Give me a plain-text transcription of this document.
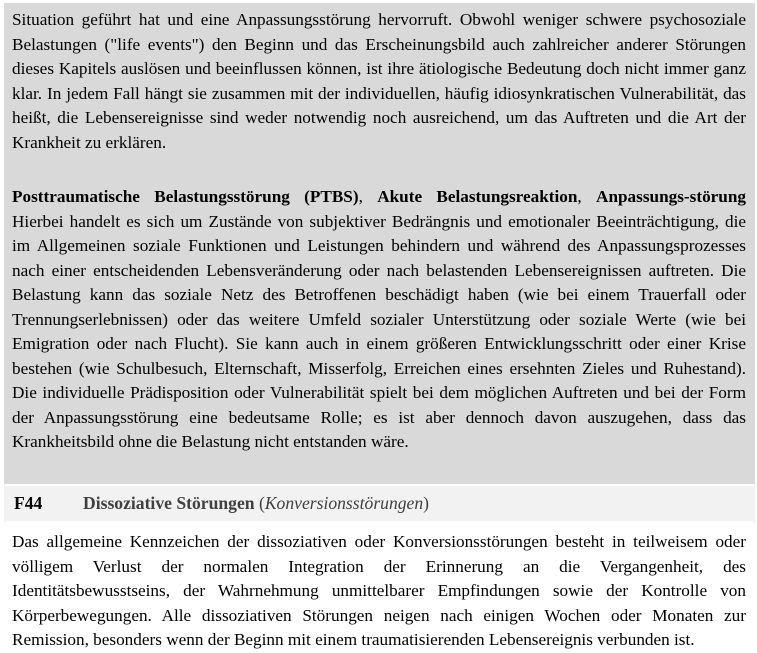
Situation geführt hat und eine Anpassungsstörung hervorruft. Obwohl weniger schwere psychosoziale Belastungen ("life events") den Beginn und das Erscheinungsbild auch zahlreicher anderer Störungen dieses Kapitels auslösen und beeinflussen können, ist ihre ätiologische Bedeutung doch nicht immer ganz klar. In jedem Fall hängt sie zusammen mit der individuellen, häufig idiosynkratischen Vulnerabilität, das heißt, die Lebensereignisse sind weder notwendig noch ausreichend, um das Auftreten und die Art der Krankheit zu erklären.

Posttraumatische Belastungsstörung (PTBS), Akute Belastungsreaktion, Anpassungs-störung Hierbei handelt es sich um Zustände von subjektiver Bedrängnis und emotionaler Beeinträchtigung, die im Allgemeinen soziale Funktionen und Leistungen behindern und während des Anpassungsprozesses nach einer entscheidenden Lebensveränderung oder nach belastenden Lebensereignissen auftreten. Die Belastung kann das soziale Netz des Betroffenen beschädigt haben (wie bei einem Trauerfall oder Trennungserlebnissen) oder das weitere Umfeld sozialer Unterstützung oder soziale Werte (wie bei Emigration oder nach Flucht). Sie kann auch in einem größeren Entwicklungsschritt oder einer Krise bestehen (wie Schulbesuch, Elternschaft, Misserfolg, Erreichen eines ersehnten Zieles und Ruhestand). Die individuelle Prädisposition oder Vulnerabilität spielt bei dem möglichen Auftreten und bei der Form der Anpassungsstörung eine bedeutsame Rolle; es ist aber dennoch davon auszugehen, dass das Krankheitsbild ohne die Belastung nicht entstanden wäre.

F44 Dissoziative Störungen (Konversionsstörungen)

Das allgemeine Kennzeichen der dissoziativen oder Konversionsstörungen besteht in teilweisem oder völligem Verlust der normalen Integration der Erinnerung an die Vergangenheit, des Identitätsbewusstseins, der Wahrnehmung unmittelbarer Empfindungen sowie der Kontrolle von Körperbewegungen. Alle dissoziativen Störungen neigen nach einigen Wochen oder Monaten zur Remission, besonders wenn der Beginn mit einem traumatisierenden Lebensereignis verbunden ist.
